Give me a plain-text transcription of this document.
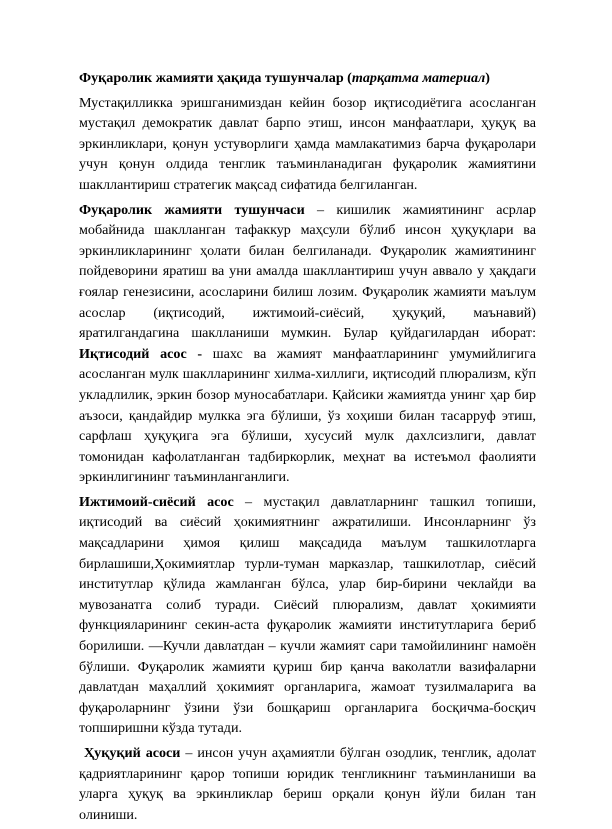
Фуқаролик жамияти ҳақида тушунчалар (тарқатма материал)

Мустақилликка эришганимиздан кейин бозор иқтисодиётига асосланган мустақил демократик давлат барпо этиш, инсон манфаатлари, ҳуқуқ ва эркинликлари, қонун устуворлиги ҳамда мамлакатимиз барча фуқаролари учун қонун олдида тенглик таъминланадиган фуқаролик жамиятини шакллантириш стратегик мақсад сифатида белгиланган.

Фуқаролик жамияти тушунчаси – кишилик жамиятининг асрлар мобайнида шаклланган тафаккур маҳсули бўлиб инсон ҳуқуқлари ва эркинликларининг ҳолати билан белгиланади. Фуқаролик жамиятининг пойдеворини яратиш ва уни амалда шакллантириш учун аввало у ҳақдаги ғоялар генезисини, асосларини билиш лозим. Фуқаролик жамияти маълум асослар (иқтисодий, ижтимоий-сиёсий, ҳуқуқий, маънавий) яратилгандагина шаклланиши мумкин. Булар қуйдагилардан иборат: Иқтисодий асос - шахс ва жамият манфаатларининг умумийлигига асосланган мулк шаклларининг хилма-хиллиги, иқтисодий плюрализм, кўп укладлилик, эркин бозор муносабатлари. Қайсики жамиятда унинг ҳар бир аъзоси, қандайдир мулкка эга бўлиши, ўз хоҳиши билан тасарруф этиш, сарфлаш ҳуқуқига эга бўлиши, хусусий мулк дахлсизлиги, давлат томонидан кафолатланган тадбиркорлик, меҳнат ва истеъмол фаолияти эркинлигининг таъминланганлиги.

Ижтимоий-сиёсий асос – мустақил давлатларнинг ташкил топиши, иқтисодий ва сиёсий ҳокимиятнинг ажратилиши. Инсонларнинг ўз мақсадларини ҳимоя қилиш мақсадида маълум ташкилотларга бирлашиши,Ҳокимиятлар турли-туман марказлар, ташкилотлар, сиёсий институтлар қўлида жамланган бўлса, улар бир-бирини чеклайди ва мувозанатга солиб туради. Сиёсий плюрализм, давлат ҳокимияти функцияларининг секин-аста фуқаролик жамияти институтларига бериб борилиши. ―Кучли давлатдан – кучли жамият сари тамойилининг намоён бўлиши. Фуқаролик жамияти қуриш бир қанча ваколатли вазифаларни давлатдан маҳаллий ҳокимият органларига, жамоат тузилмаларига ва фуқароларнинг ўзини ўзи бошқариш органларига босқичма-босқич топширишни кўзда тутади.

Ҳуқуқий асоси – инсон учун аҳамиятли бўлган озодлик, тенглик, адолат қадриятларининг қарор топиши юридик тенгликнинг таъминланиши ва уларга ҳуқуқ ва эркинликлар бериш орқали қонун йўли билан тан олиниши.
